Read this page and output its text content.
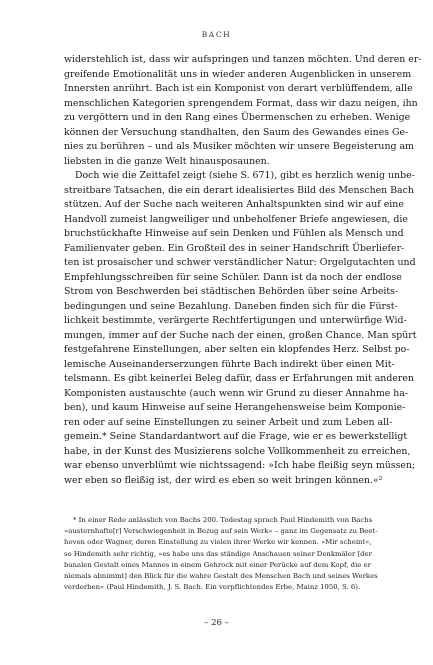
BACH
widerstehlich ist, dass wir aufspringen und tanzen möchten. Und deren er-
greifende Emotionalität uns in wieder anderen Augenblicken in unserem
Innersten anrührt. Bach ist ein Komponist von derart verblüffendem, alle
menschlichen Kategorien sprengendem Format, dass wir dazu neigen, ihn
zu vergöttern und in den Rang eines Übermenschen zu erheben. Wenige
können der Versuchung standhalten, den Saum des Gewandes eines Ge-
nies zu berühren – und als Musiker möchten wir unsere Begeisterung am
liebsten in die ganze Welt hinausposaunen.
Doch wie die Zeittafel zeigt (siehe S. 671), gibt es herzlich wenig unbe-
streitbare Tatsachen, die ein derart idealisiertes Bild des Menschen Bach
stützen. Auf der Suche nach weiteren Anhaltspunkten sind wir auf eine
Handvoll zumeist langweiliger und unbeholfener Briefe angewiesen, die
bruchstückhafte Hinweise auf sein Denken und Fühlen als Mensch und
Familienvater geben. Ein Großteil des in seiner Handschrift Überliefer-
ten ist prosaischer und schwer verständlicher Natur: Orgelgutachten und
Empfehlungsschreiben für seine Schüler. Dann ist da noch der endlose
Strom von Beschwerden bei städtischen Behörden über seine Arbeits-
bedingungen und seine Bezahlung. Daneben finden sich für die Fürst-
lichkeit bestimmte, verärgerte Rechtfertigungen und unterwürfige Wid-
mungen, immer auf der Suche nach der einen, großen Chance. Man spürt
festgefahrene Einstellungen, aber selten ein klopfendes Herz. Selbst po-
lemische Auseinanderserzungen führte Bach indirekt über einen Mit-
telsmann. Es gibt keinerlei Beleg dafür, dass er Erfahrungen mit anderen
Komponisten austauschte (auch wenn wir Grund zu dieser Annahme ha-
ben), und kaum Hinweise auf seine Herangehensweise beim Komponie-
ren oder auf seine Einstellungen zu seiner Arbeit und zum Leben all-
gemein.* Seine Standardantwort auf die Frage, wie er es bewerkstelligt
habe, in der Kunst des Musizierens solche Vollkommenheit zu erreichen,
war ebenso unverblümt wie nichtssagend: »Ich habe fleißig seyn müssen;
wer eben so fleißig ist, der wird es eben so weit bringen können.«²
* In einer Rede anlässlich von Bachs 200. Todestag sprach Paul Hindemith von Bachs
»austernhafte[r] Verschwiegenheit in Bezug auf sein Werk« – ganz im Gegensatz zu Beet-
hoven oder Wagner, deren Einstellung zu vielen ihrer Werke wir kennen. »Mir scheint«,
so Hindemith sehr richtig, »es habe uns das ständige Anschauen seiner Denkmäler [der
banalen Gestalt eines Mannes in einem Gehrock mit einer Perücke auf dem Kopf, die er
niemals abnimmt] den Blick für die wahre Gestalt des Menschen Bach und seines Werkes
verdorben« (Paul Hindemith, J. S. Bach. Ein verpflichtendes Erbe, Mainz 1950, S. 6).
– 26 –
